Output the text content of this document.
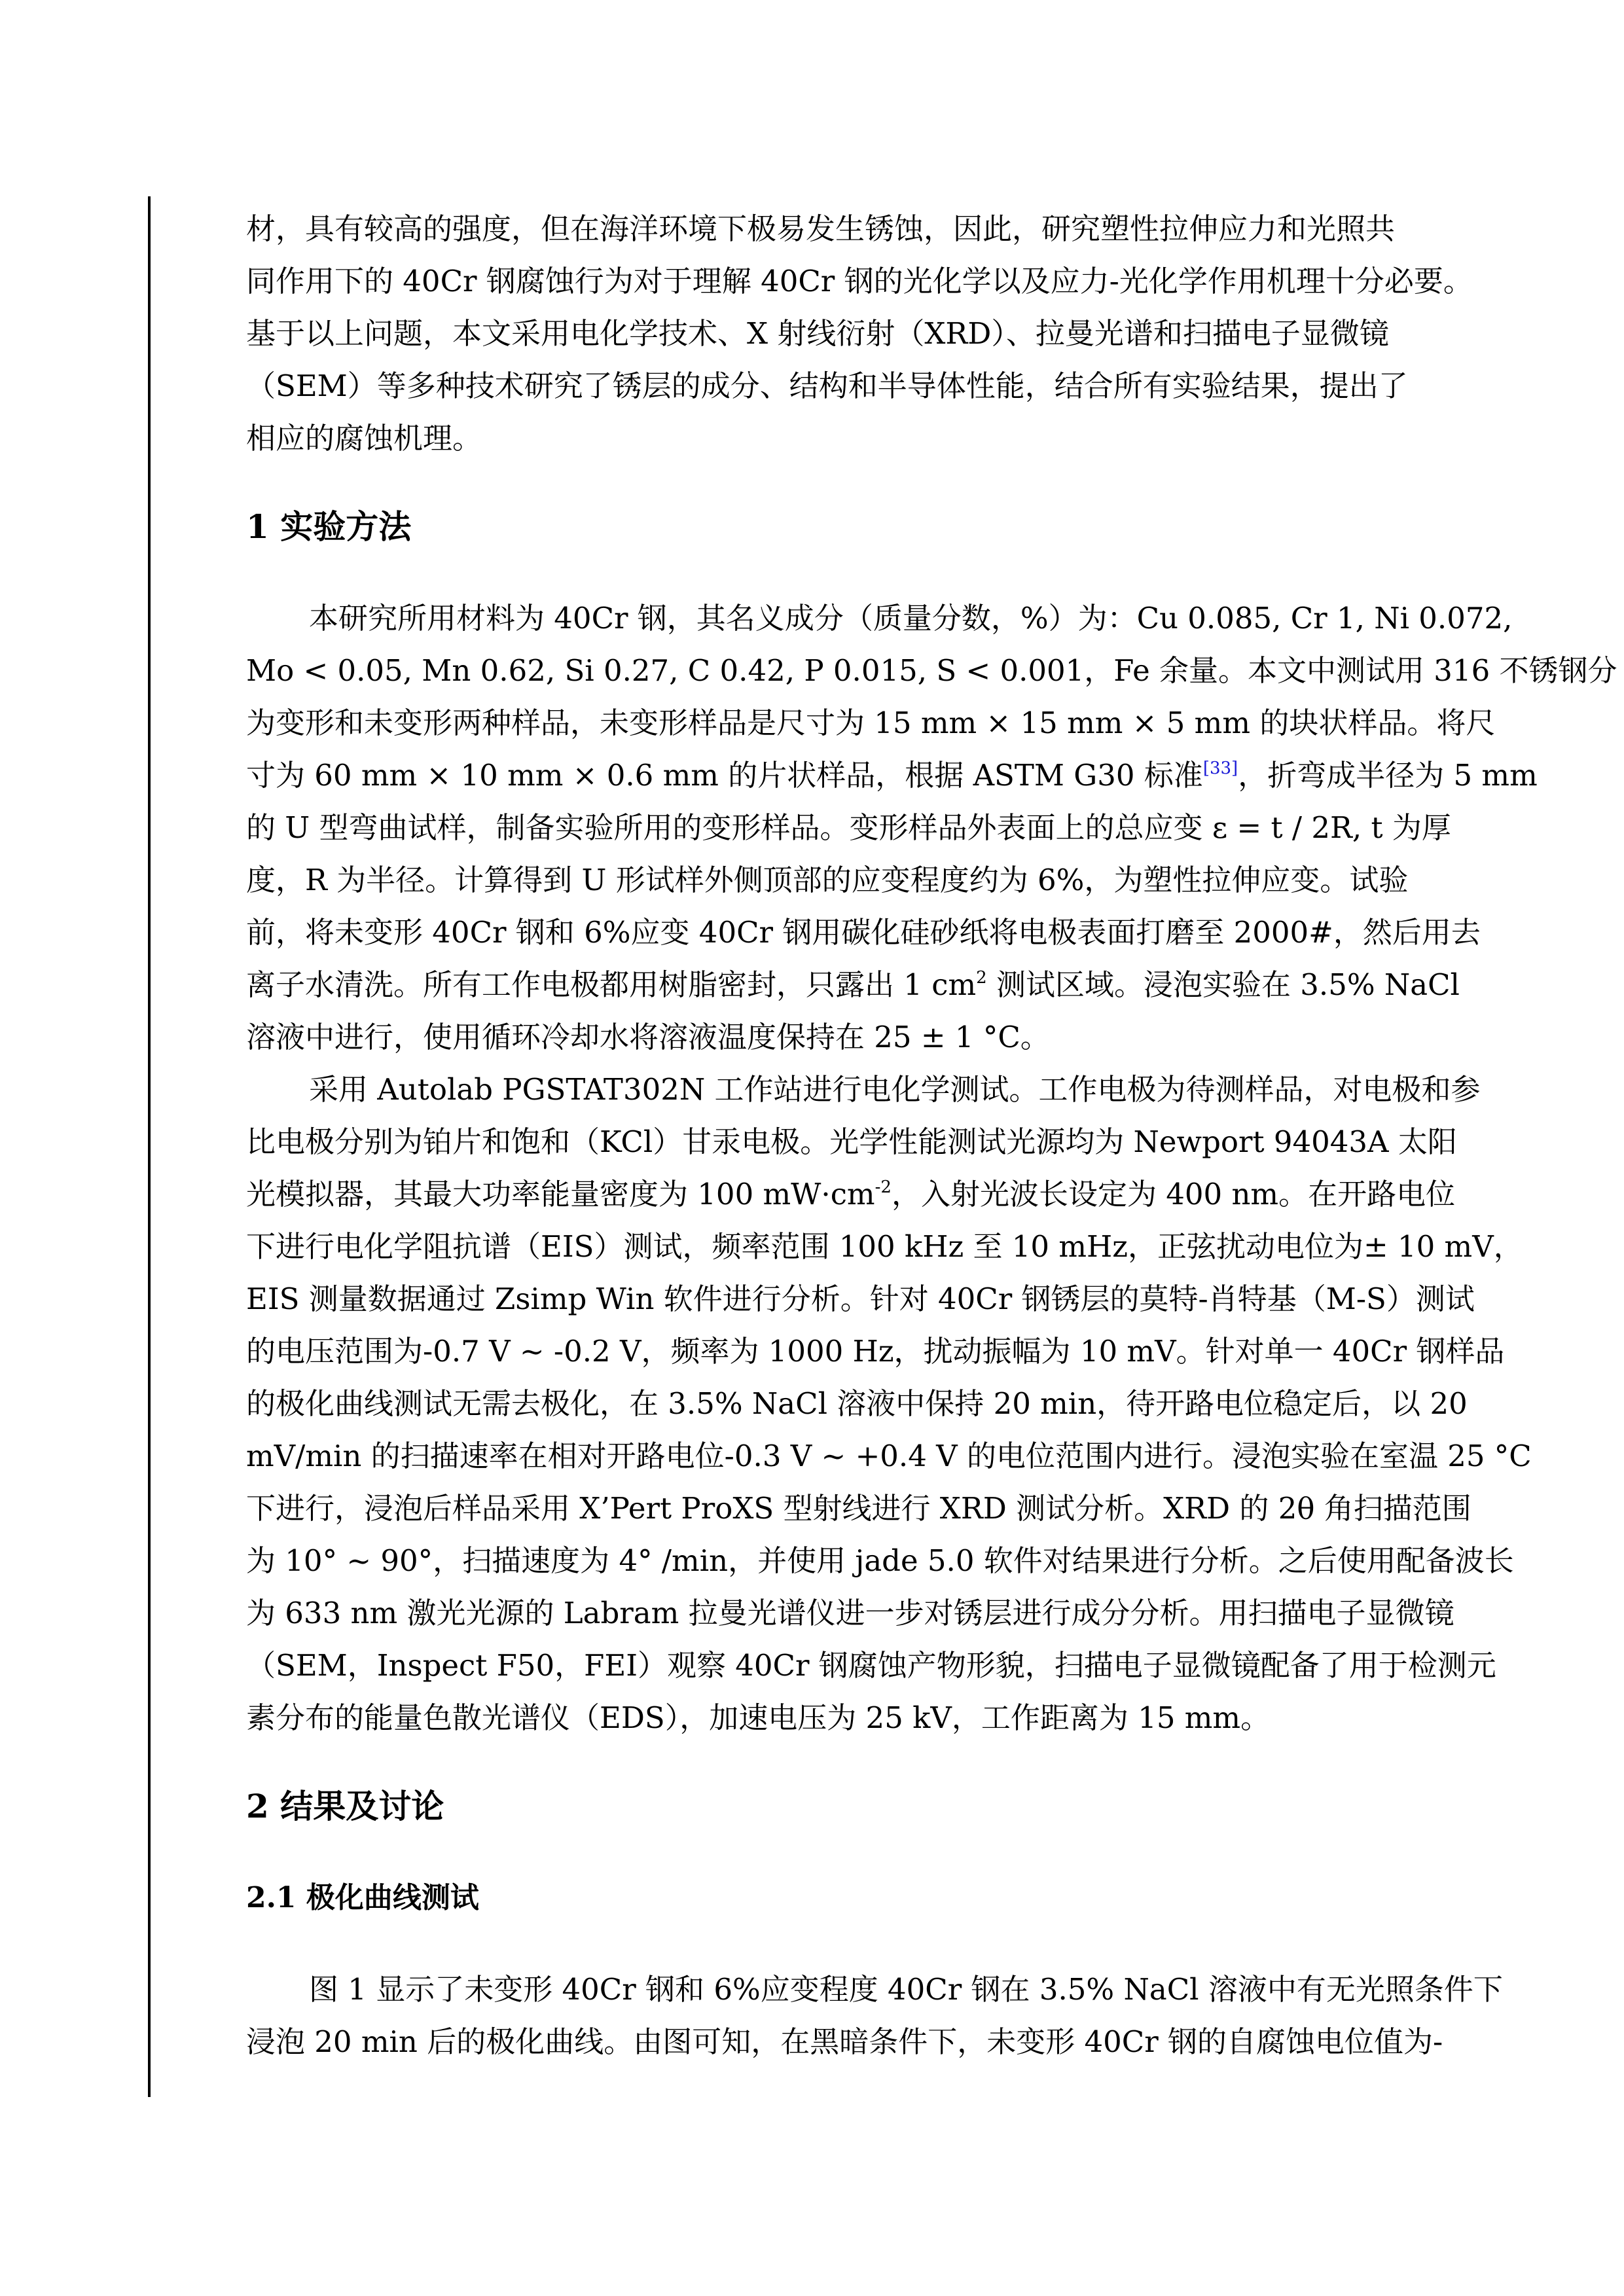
材，具有较高的强度，但在海洋环境下极易发生锈蚀，因此，研究塑性拉伸应力和光照共
同作用下的 40Cr 钢腐蚀行为对于理解 40Cr 钢的光化学以及应力-光化学作用机理十分必要。
基于以上问题，本文采用电化学技术、X 射线衍射（XRD）、拉曼光谱和扫描电子显微镜
（SEM）等多种技术研究了锈层的成分、结构和半导体性能，结合所有实验结果，提出了
相应的腐蚀机理。
1 实验方法
本研究所用材料为 40Cr 钢，其名义成分（质量分数，%）为：Cu 0.085, Cr 1, Ni 0.072,
Mo < 0.05, Mn 0.62, Si 0.27, C 0.42, P 0.015, S < 0.001，Fe 余量。本文中测试用 316 不锈钢分
为变形和未变形两种样品，未变形样品是尺寸为 15 mm × 15 mm × 5 mm 的块状样品。将尺
寸为 60 mm × 10 mm × 0.6 mm 的片状样品，根据 ASTM G30 标准[33]，折弯成半径为 5 mm
的 U 型弯曲试样，制备实验所用的变形样品。变形样品外表面上的总应变 ε = t / 2R, t 为厚
度，R 为半径。计算得到 U 形试样外侧顶部的应变程度约为 6%，为塑性拉伸应变。试验
前，将未变形 40Cr 钢和 6%应变 40Cr 钢用碳化硅砂纸将电极表面打磨至 2000#，然后用去
离子水清洗。所有工作电极都用树脂密封，只露出 1 $cm^2$ 测试区域。浸泡实验在 3.5% NaCl
溶液中进行，使用循环冷却水将溶液温度保持在 25 ± 1 °C。
采用 Autolab PGSTAT302N 工作站进行电化学测试。工作电极为待测样品，对电极和参
比电极分别为铂片和饱和（KCl）甘汞电极。光学性能测试光源均为 Newport 94043A 太阳
光模拟器，其最大功率能量密度为 100 $mW\cdot cm^{-2}$，入射光波长设定为 400 nm。在开路电位
下进行电化学阻抗谱（EIS）测试，频率范围 100 kHz 至 10 mHz，正弦扰动电位为± 10 mV，
EIS 测量数据通过 Zsimp Win 软件进行分析。针对 40Cr 钢锈层的莫特-肖特基（M-S）测试
的电压范围为-0.7 V ~ -0.2 V，频率为 1000 Hz，扰动振幅为 10 mV。针对单一 40Cr 钢样品
的极化曲线测试无需去极化，在 3.5% NaCl 溶液中保持 20 min，待开路电位稳定后，以 20
mV/min 的扫描速率在相对开路电位-0.3 V ~ +0.4 V 的电位范围内进行。浸泡实验在室温 25 °C
下进行，浸泡后样品采用 X’Pert ProXS 型射线进行 XRD 测试分析。XRD 的 2θ 角扫描范围
为 10° ~ 90°，扫描速度为 4° /min，并使用 jade 5.0 软件对结果进行分析。之后使用配备波长
为 633 nm 激光光源的 Labram 拉曼光谱仪进一步对锈层进行成分分析。用扫描电子显微镜
（SEM，Inspect F50，FEI）观察 40Cr 钢腐蚀产物形貌，扫描电子显微镜配备了用于检测元
素分布的能量色散光谱仪（EDS），加速电压为 25 kV，工作距离为 15 mm。
2 结果及讨论
2.1 极化曲线测试
图 1 显示了未变形 40Cr 钢和 6%应变程度 40Cr 钢在 3.5% NaCl 溶液中有无光照条件下
浸泡 20 min 后的极化曲线。由图可知，在黑暗条件下，未变形 40Cr 钢的自腐蚀电位值为-
